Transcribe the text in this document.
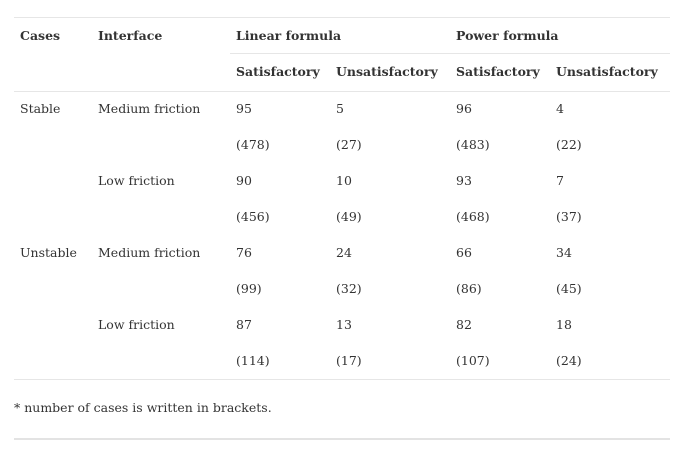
Cases	Interface	Linear formula		Power formula	
		Satisfactory	Unsatisfactory	Satisfactory	Unsatisfactory
Stable	Medium friction	95	5	96	4
		(478)	(27)	(483)	(22)
	Low friction	90	10	93	7
		(456)	(49)	(468)	(37)
Unstable	Medium friction	76	24	66	34
		(99)	(32)	(86)	(45)
	Low friction	87	13	82	18
		(114)	(17)	(107)	(24)
* number of cases is written in brackets.
